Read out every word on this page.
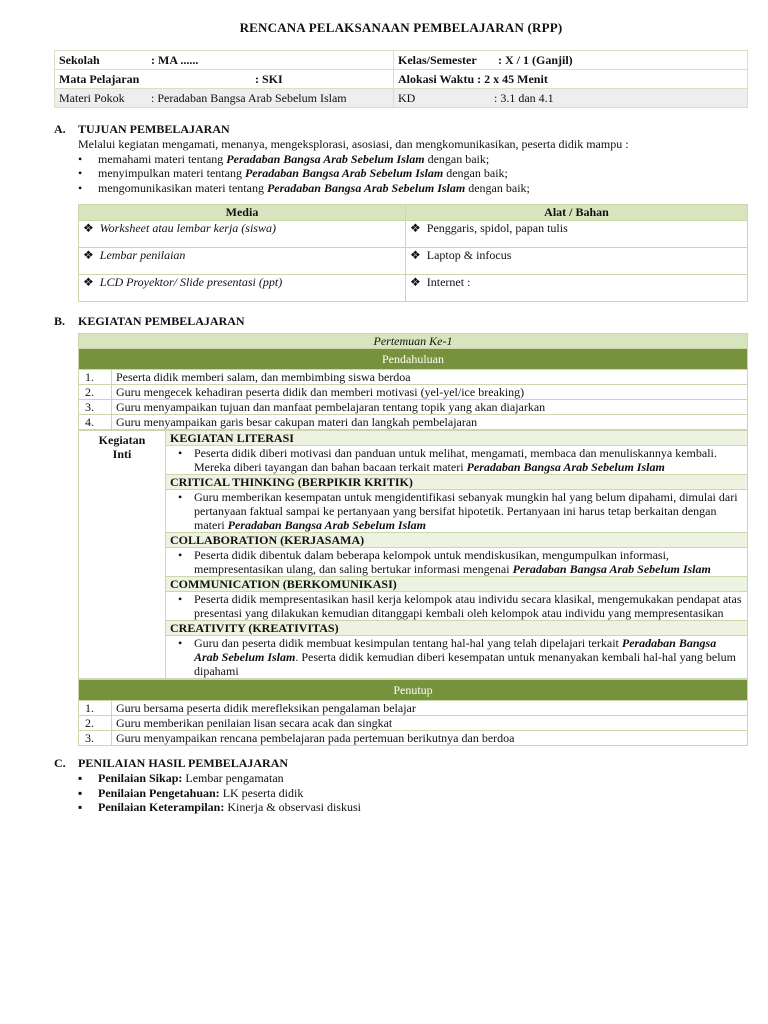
RENCANA PELAKSANAAN PEMBELAJARAN (RPP)
Sekolah : MA ......	Kelas/Semester : X / 1 (Ganjil)
Mata Pelajaran : SKI	Alokasi Waktu : 2 x 45 Menit
Materi Pokok : Peradaban Bangsa Arab Sebelum Islam	KD : 3.1 dan 4.1
A. TUJUAN PEMBELAJARAN
Melalui kegiatan mengamati, menanya, mengeksplorasi, asosiasi, dan mengkomunikasikan, peserta didik mampu :
• memahami materi tentang Peradaban Bangsa Arab Sebelum Islam dengan baik;
• menyimpulkan materi tentang Peradaban Bangsa Arab Sebelum Islam dengan baik;
• mengomunikasikan materi tentang Peradaban Bangsa Arab Sebelum Islam dengan baik;
Media	Alat / Bahan
❖ Worksheet atau lembar kerja (siswa)	❖ Penggaris, spidol, papan tulis
❖ Lembar penilaian	❖ Laptop & infocus
❖ LCD Proyektor/ Slide presentasi (ppt)	❖ Internet :
B. KEGIATAN PEMBELAJARAN
Pertemuan Ke-1	
Pendahuluan	
1.	Peserta didik memberi salam, dan membimbing siswa berdoa
2.	Guru mengecek kehadiran peserta didik dan memberi motivasi (yel-yel/ice breaking)
3.	Guru menyampaikan tujuan dan manfaat pembelajaran tentang topik yang akan diajarkan
4.	Guru menyampaikan garis besar cakupan materi dan langkah pembelajaran
Kegiatan
Inti
	KEGIATAN LITERASI

• Peserta didik diberi motivasi dan panduan untuk melihat, mengamati, membaca dan menuliskannya kembali. Mereka diberi tayangan dan bahan bacaan terkait materi Peradaban Bangsa Arab Sebelum Islam

CRITICAL THINKING (BERPIKIR KRITIK)

• Guru memberikan kesempatan untuk mengidentifikasi sebanyak mungkin hal yang belum dipahami, dimulai dari pertanyaan faktual sampai ke pertanyaan yang bersifat hipotetik. Pertanyaan ini harus tetap berkaitan dengan materi Peradaban Bangsa Arab Sebelum Islam

COLLABORATION (KERJASAMA)

• Peserta didik dibentuk dalam beberapa kelompok untuk mendiskusikan, mengumpulkan informasi, mempresentasikan ulang, dan saling bertukar informasi mengenai Peradaban Bangsa Arab Sebelum Islam

COMMUNICATION (BERKOMUNIKASI)

• Peserta didik mempresentasikan hasil kerja kelompok atau individu secara klasikal, mengemukakan pendapat atas presentasi yang dilakukan kemudian ditanggapi kembali oleh kelompok atau individu yang mempresentasikan

CREATIVITY (KREATIVITAS)

• Guru dan peserta didik membuat kesimpulan tentang hal-hal yang telah dipelajari terkait Peradaban Bangsa Arab Sebelum Islam. Peserta didik kemudian diberi kesempatan untuk menanyakan kembali hal-hal yang belum dipahami
Penutup	
1.	Guru bersama peserta didik merefleksikan pengalaman belajar
2.	Guru memberikan penilaian lisan secara acak dan singkat
3.	Guru menyampaikan rencana pembelajaran pada pertemuan berikutnya dan berdoa
C. PENILAIAN HASIL PEMBELAJARAN
▪ Penilaian Sikap: Lembar pengamatan
▪ Penilaian Pengetahuan: LK peserta didik
▪ Penilaian Keterampilan: Kinerja & observasi diskusi
